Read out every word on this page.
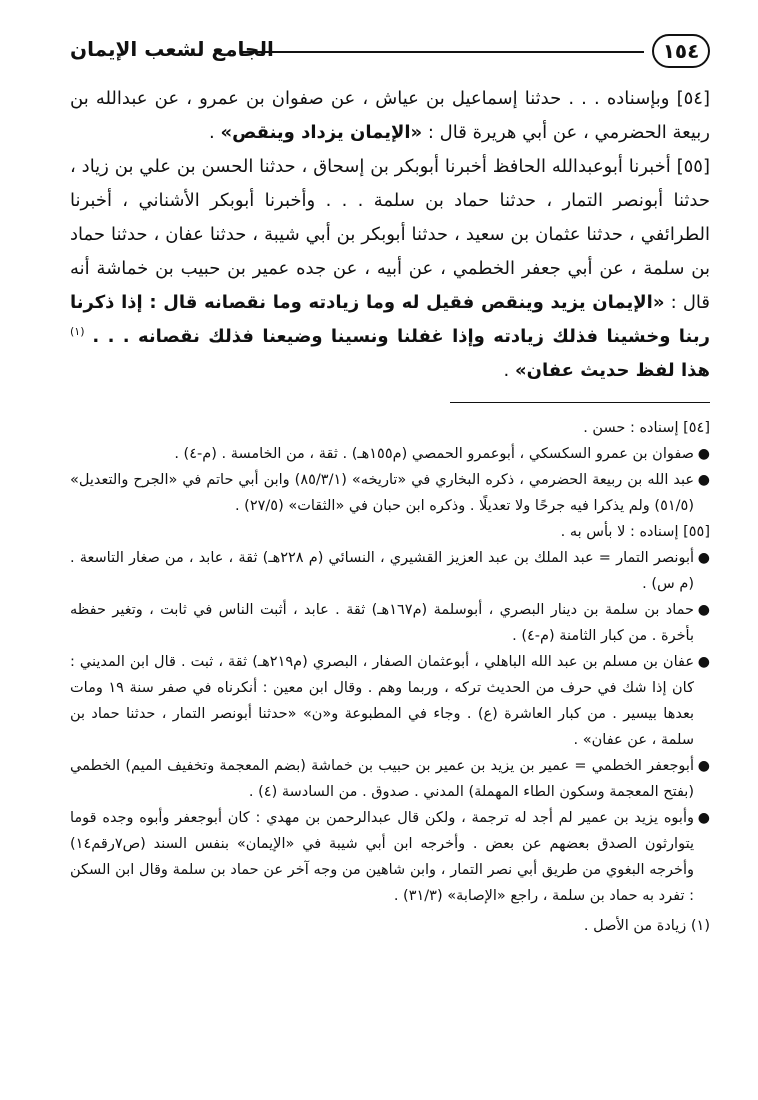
١٥٤
الجامع لشعب الإيمان

[٥٤] وبإسناده . . . حدثنا إسماعيل بن عياش ، عن صفوان بن عمرو ، عن عبدالله بن ربيعة الحضرمي ، عن أبي هريرة قال : «الإيمان يزداد وينقص» .

[٥٥] أخبرنا أبوعبدالله الحافظ أخبرنا أبوبكر بن إسحاق ، حدثنا الحسن بن علي بن زياد ، حدثنا أبونصر التمار ، حدثنا حماد بن سلمة . . . وأخبرنا أبوبكر الأشناني ، أخبرنا الطرائفي ، حدثنا عثمان بن سعيد ، حدثنا أبوبكر بن أبي شيبة ، حدثنا عفان ، حدثنا حماد بن سلمة ، عن أبي جعفر الخطمي ، عن أبيه ، عن جده عمير بن حبيب بن خماشة أنه قال : «الإيمان يزيد وينقص فقيل له وما زيادته وما نقصانه قال : إذا ذكرنا ربنا وخشينا فذلك زيادته وإذا غفلنا ونسينا وضيعنا فذلك نقصانه . . . $^{(١)}$ هذا لفظ حديث عفان» .

[٥٤] إسناده : حسن .

●
صفوان بن عمرو السكسكي ، أبوعمرو الحمصي (م١٥٥هـ) . ثقة ، من الخامسة . (م-٤) .
●
عبد الله بن ربيعة الحضرمي ، ذكره البخاري في «تاريخه» (٨٥/٣/١) وابن أبي حاتم في «الجرح والتعديل» (٥١/٥) ولم يذكرا فيه جرحًا ولا تعديلًا . وذكره ابن حبان في «الثقات» (٢٧/٥) .

[٥٥] إسناده : لا بأس به .

●
أبونصر التمار = عبد الملك بن عبد العزيز القشيري ، النسائي (م ٢٢٨هـ) ثقة ، عابد ، من صغار التاسعة . (م س) .
●
حماد بن سلمة بن دينار البصري ، أبوسلمة (م١٦٧هـ) ثقة . عابد ، أثبت الناس في ثابت ، وتغير حفظه بأخرة . من كبار الثامنة (م-٤) .
●
عفان بن مسلم بن عبد الله الباهلي ، أبوعثمان الصفار ، البصري (م٢١٩هـ) ثقة ، ثبت . قال ابن المديني : كان إذا شك في حرف من الحديث تركه ، وربما وهم . وقال ابن معين : أنكرناه في صفر سنة ١٩ ومات بعدها بيسير . من كبار العاشرة (ع) . وجاء في المطبوعة و«ن» «حدثنا أبونصر التمار ، حدثنا حماد بن سلمة ، عن عفان» .
●
أبوجعفر الخطمي = عمير بن يزيد بن عمير بن حبيب بن خماشة (بضم المعجمة وتخفيف الميم) الخطمي (بفتح المعجمة وسكون الطاء المهملة) المدني . صدوق . من السادسة (٤) .
●
وأبوه يزيد بن عمير لم أجد له ترجمة ، ولكن قال عبدالرحمن بن مهدي : كان أبوجعفر وأبوه وجده قوما يتوارثون الصدق بعضهم عن بعض . وأخرجه ابن أبي شيبة في «الإيمان» بنفس السند (ص٧رقم١٤) وأخرجه البغوي من طريق أبي نصر التمار ، وابن شاهين من وجه آخر عن حماد بن سلمة وقال ابن السكن : تفرد به حماد بن سلمة ، راجع «الإصابة» (٣١/٣) .

(١) زيادة من الأصل .
